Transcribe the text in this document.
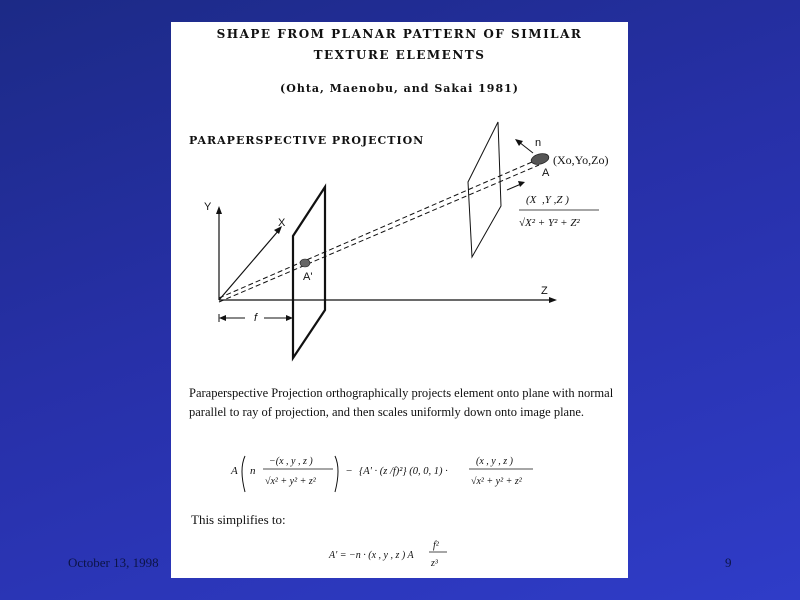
October 13, 1998	9
SHAPE FROM PLANAR PATTERN OF SIMILAR
TEXTURE ELEMENTS
(Ohta, Maenobu, and Sakai 1981)
PARAPERSPECTIVE PROJECTION
Y
X
Z
f
n
(Xo,Yo,Zo)
A
A'
(X ,Y ,Z )
√X² + Y² + Z²
Paraperspective Projection orthographically projects element onto plane with normal parallel to ray of projection, and then scales uniformly down onto image plane.
A n
−(x , y , z )
√x² + y² + z²
− {A' · (z /f)²} (0, 0, 1) ·
(x , y , z )
√x² + y² + z²
A' = −n · (x , y , z ) A
f²
z³
This simplifies to:
